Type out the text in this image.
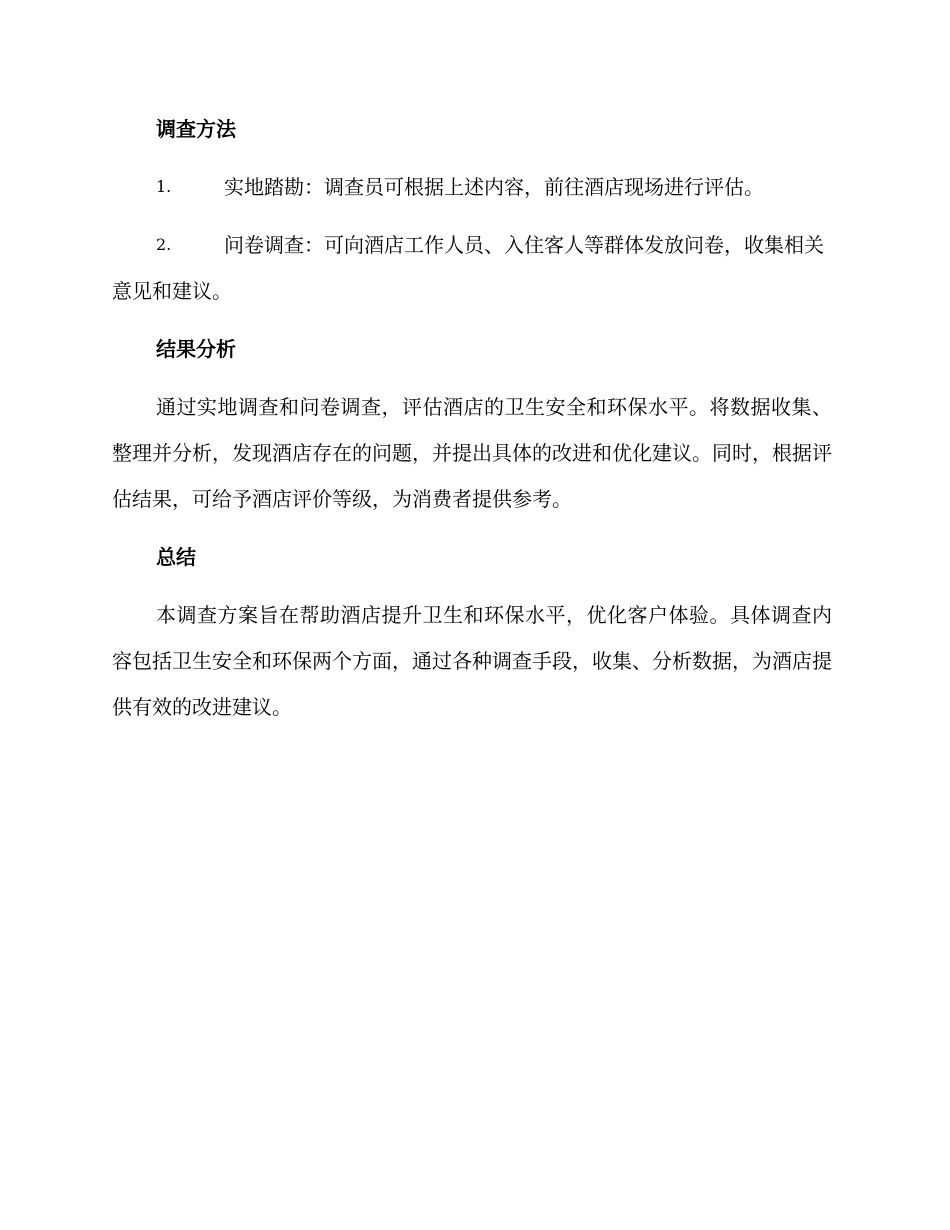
调查方法
1.	实地踏勘：调查员可根据上述内容，前往酒店现场进行评估。
2.	问卷调查：可向酒店工作人员、入住客人等群体发放问卷，收集相关意见和建议。
结果分析

通过实地调查和问卷调查，评估酒店的卫生安全和环保水平。将数据收集、整理并分析，发现酒店存在的问题，并提出具体的改进和优化建议。同时，根据评估结果，可给予酒店评价等级，为消费者提供参考。

总结

本调查方案旨在帮助酒店提升卫生和环保水平，优化客户体验。具体调查内容包括卫生安全和环保两个方面，通过各种调查手段，收集、分析数据，为酒店提供有效的改进建议。
